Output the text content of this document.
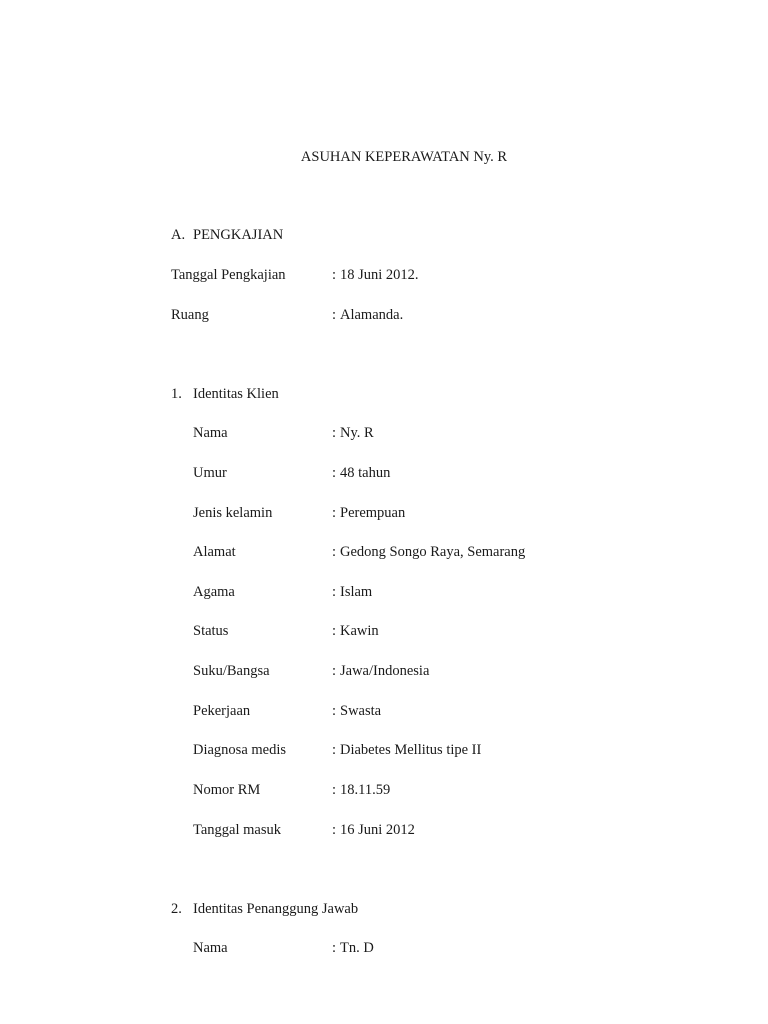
ASUHAN KEPERAWATAN Ny. R
A. PENGKAJIAN
Tanggal Pengkajian	: 18 Juni 2012.
Ruang	: Alamanda.
1. Identitas Klien
Nama	: Ny. R
Umur	: 48 tahun
Jenis kelamin	: Perempuan
Alamat	: Gedong Songo Raya, Semarang
Agama	: Islam
Status	: Kawin
Suku/Bangsa	: Jawa/Indonesia
Pekerjaan	: Swasta
Diagnosa medis	: Diabetes Mellitus tipe II
Nomor RM	: 18.11.59
Tanggal masuk	: 16 Juni 2012
2. Identitas Penanggung Jawab
Nama	: Tn. D
